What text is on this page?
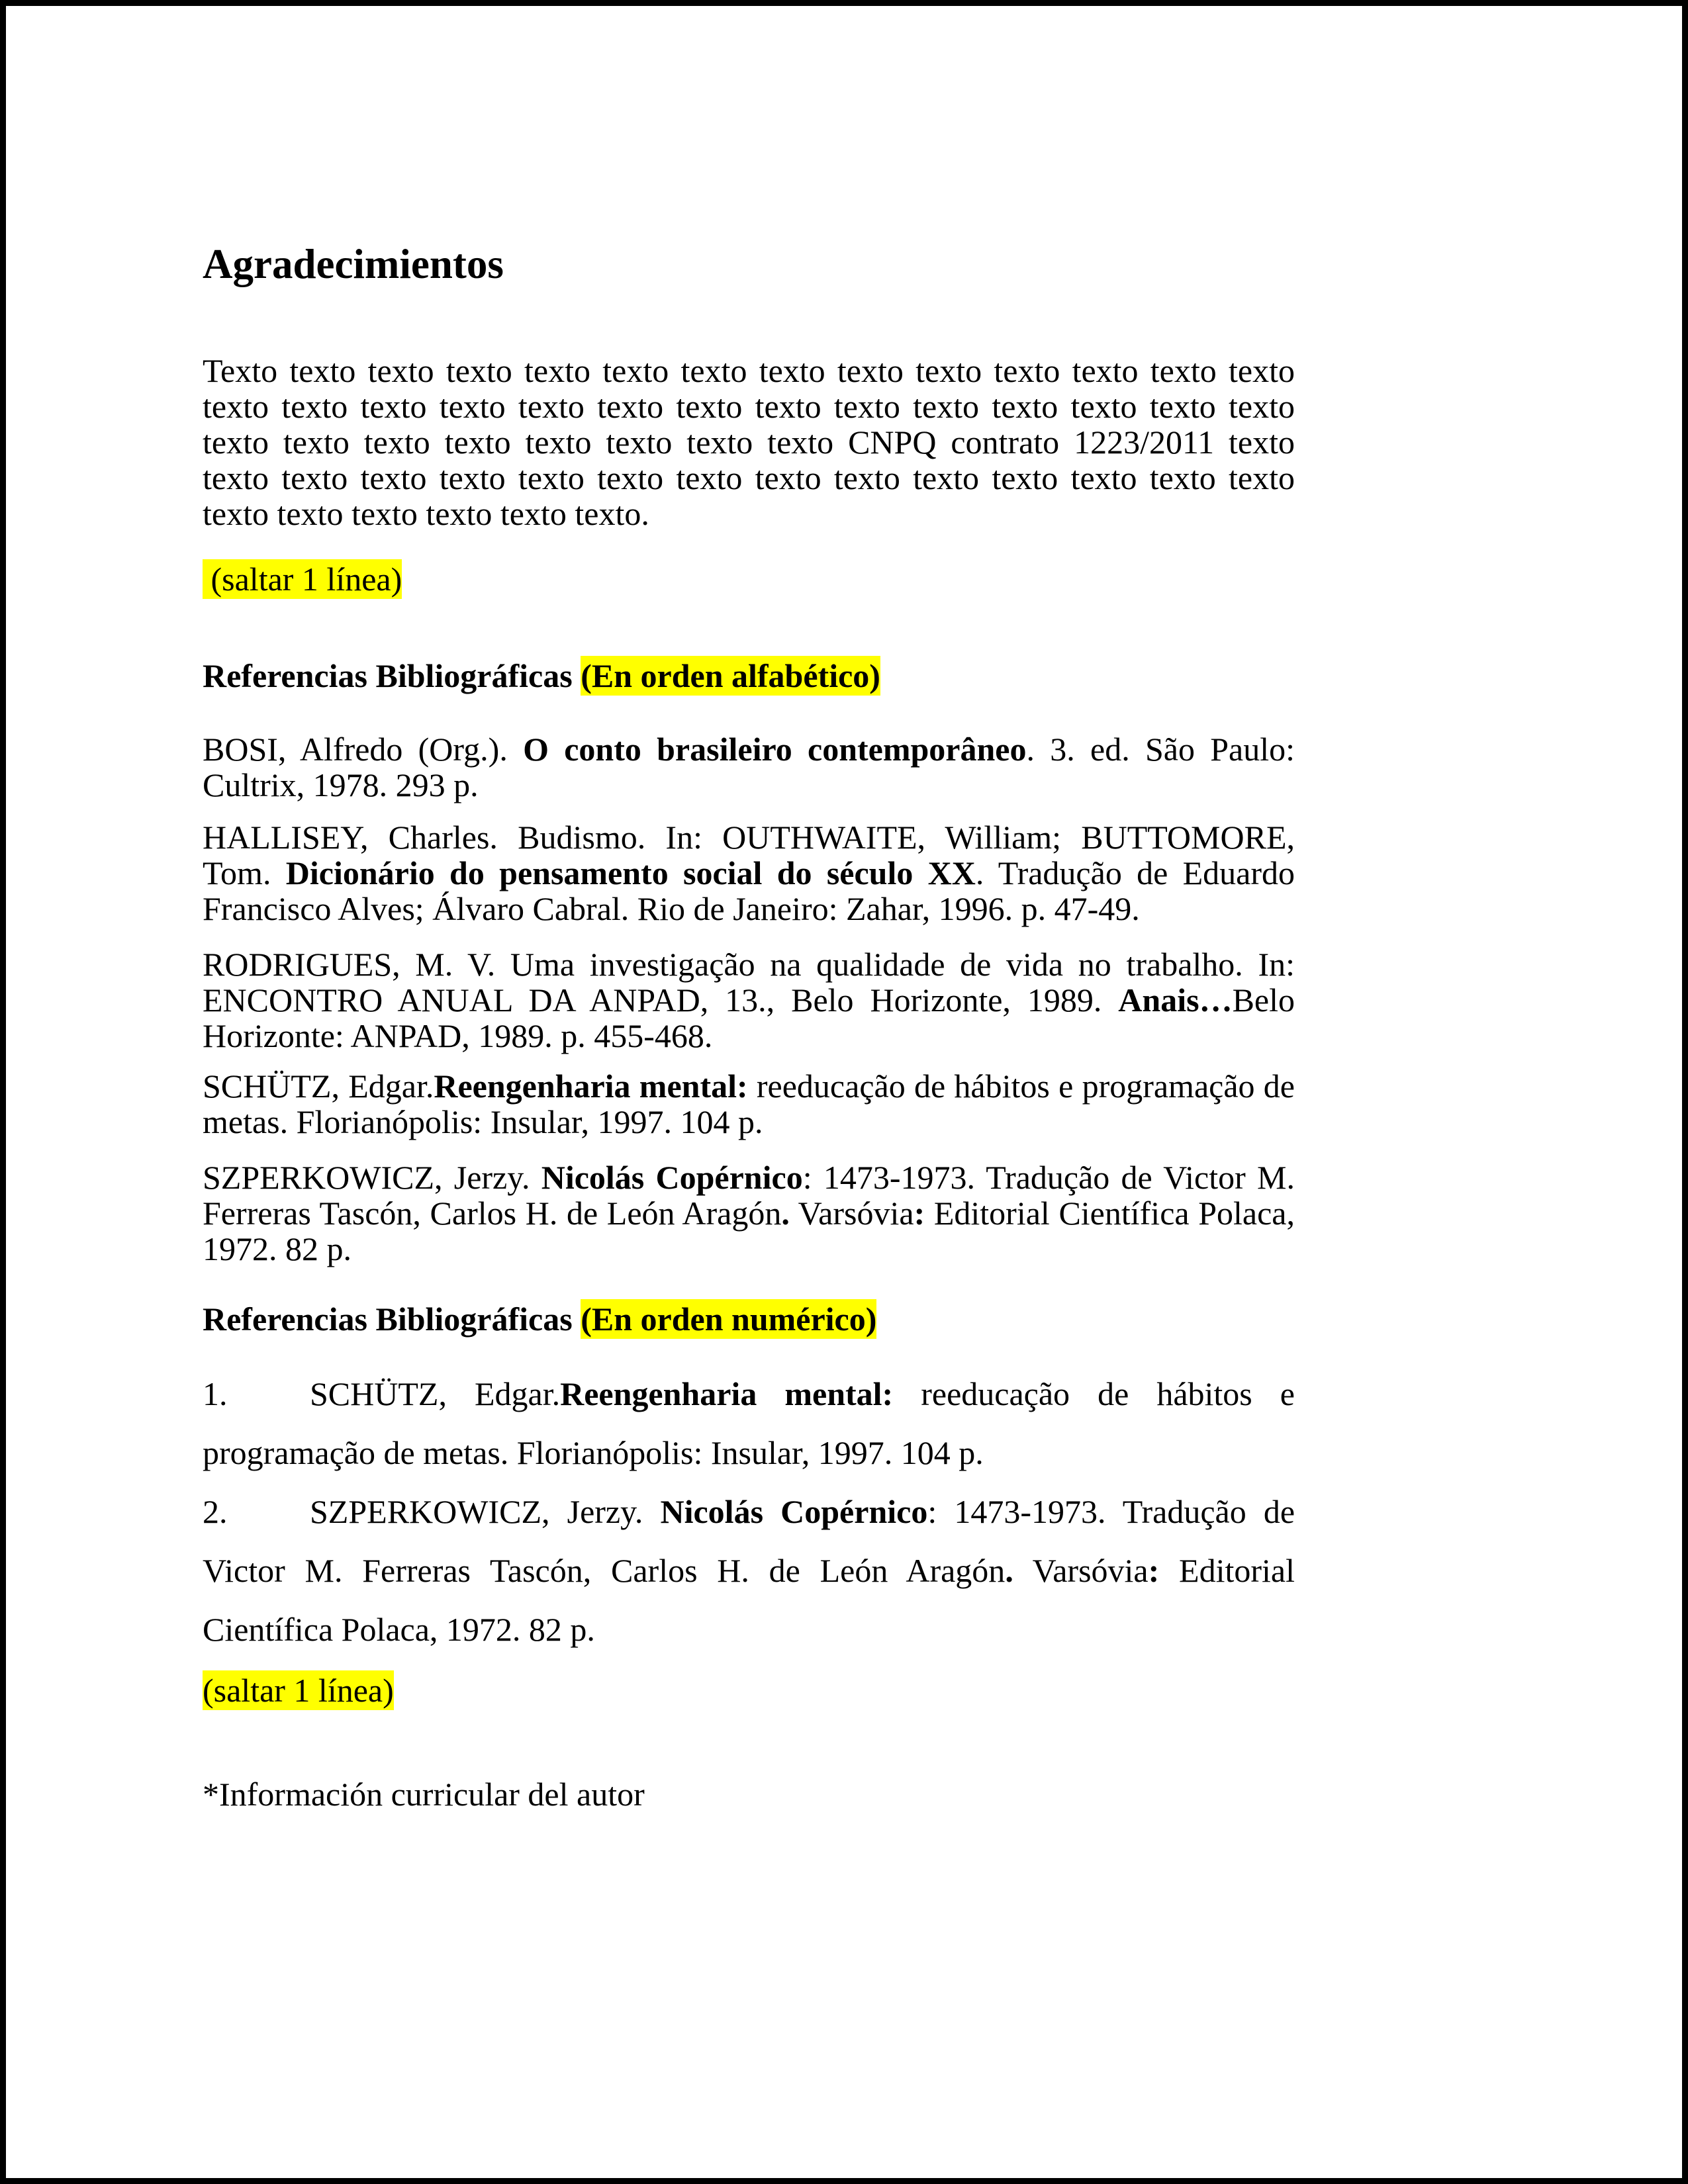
Agradecimientos

Texto texto texto texto texto texto texto texto texto texto texto texto texto texto texto texto texto texto texto texto texto texto texto texto texto texto texto texto texto texto texto texto texto texto texto texto CNPQ contrato 1223/2011 texto texto texto texto texto texto texto texto texto texto texto texto texto texto texto texto texto texto texto texto texto.

(saltar 1 línea)

Referencias Bibliográficas (En orden alfabético)

BOSI, Alfredo (Org.). O conto brasileiro contemporâneo. 3. ed. São Paulo: Cultrix, 1978. 293 p.

HALLISEY, Charles. Budismo. In: OUTHWAITE, William; BUTTOMORE, Tom. Dicionário do pensamento social do século XX. Tradução de Eduardo Francisco Alves; Álvaro Cabral. Rio de Janeiro: Zahar, 1996. p. 47-49.

RODRIGUES, M. V. Uma investigação na qualidade de vida no trabalho. In: ENCONTRO ANUAL DA ANPAD, 13., Belo Horizonte, 1989. Anais…Belo Horizonte: ANPAD, 1989. p. 455-468.

SCHÜTZ, Edgar.Reengenharia mental: reeducação de hábitos e programação de metas. Florianópolis: Insular, 1997. 104 p.

SZPERKOWICZ, Jerzy. Nicolás Copérnico: 1473-1973. Tradução de Victor M. Ferreras Tascón, Carlos H. de León Aragón. Varsóvia: Editorial Científica Polaca, 1972. 82 p.

Referencias Bibliográficas (En orden numérico)

1. SCHÜTZ, Edgar.Reengenharia mental: reeducação de hábitos e programação de metas. Florianópolis: Insular, 1997. 104 p.

2. SZPERKOWICZ, Jerzy. Nicolás Copérnico: 1473-1973. Tradução de Victor M. Ferreras Tascón, Carlos H. de León Aragón. Varsóvia: Editorial Científica Polaca, 1972. 82 p.

(saltar 1 línea)

*Información curricular del autor
